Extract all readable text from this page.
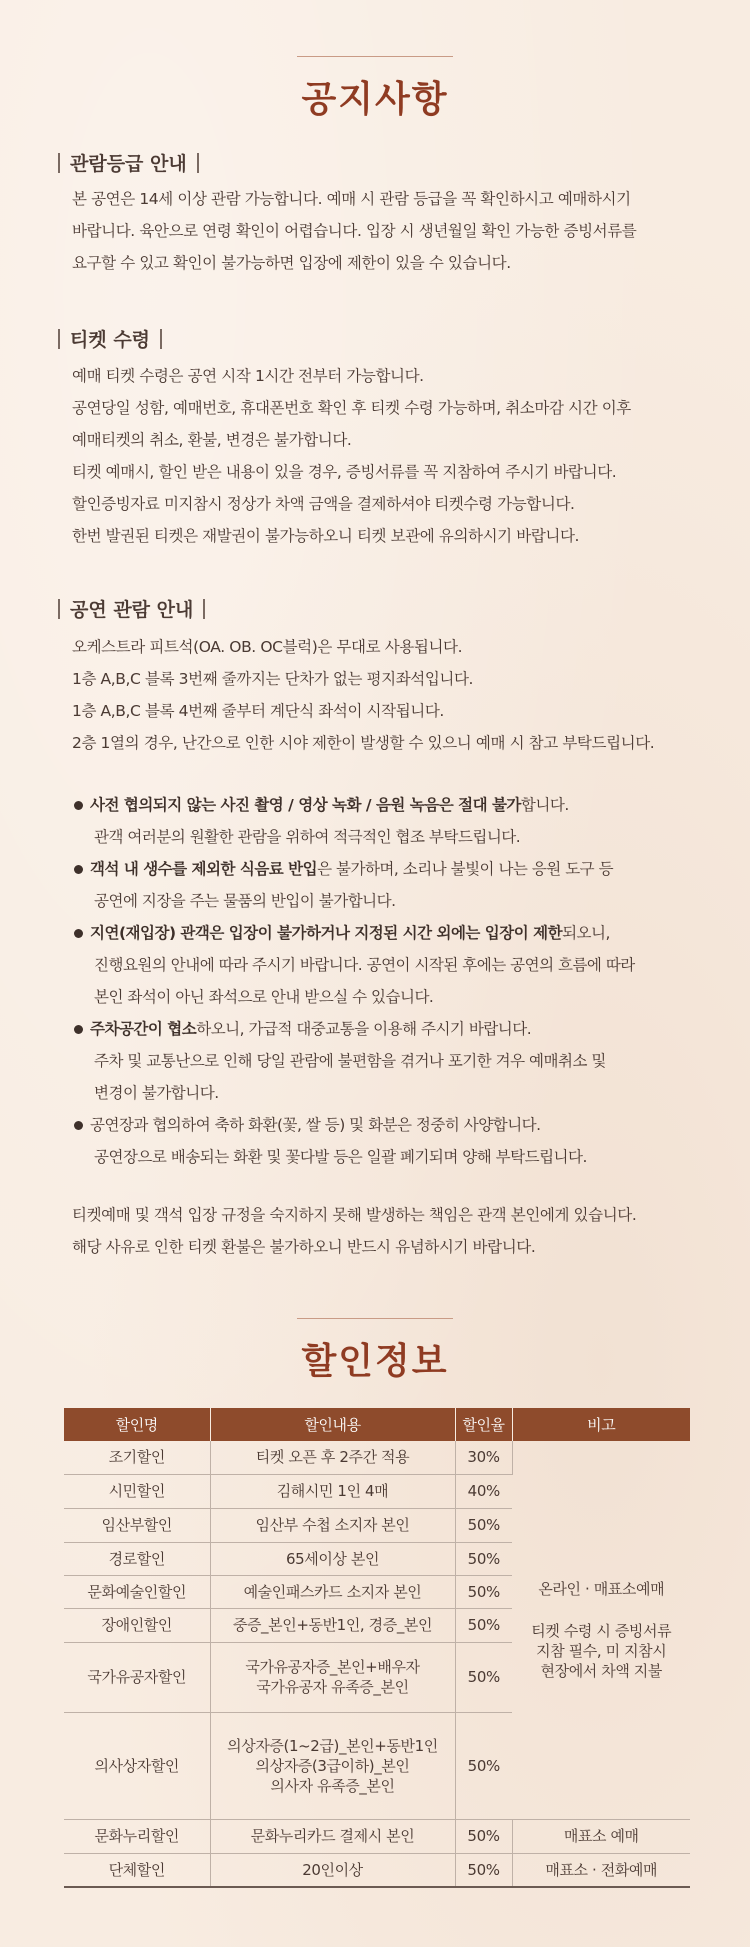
공지사항
관람등급 안내
본 공연은 14세 이상 관람 가능합니다. 예매 시 관람 등급을 꼭 확인하시고 예매하시기
바랍니다. 육안으로 연령 확인이 어렵습니다. 입장 시 생년월일 확인 가능한 증빙서류를
요구할 수 있고 확인이 불가능하면 입장에 제한이 있을 수 있습니다.
티켓 수령
예매 티켓 수령은 공연 시작 1시간 전부터 가능합니다.
공연당일 성함, 예매번호, 휴대폰번호 확인 후 티켓 수령 가능하며, 취소마감 시간 이후
예매티켓의 취소, 환불, 변경은 불가합니다.
티켓 예매시, 할인 받은 내용이 있을 경우, 증빙서류를 꼭 지참하여 주시기 바랍니다.
할인증빙자료 미지참시 정상가 차액 금액을 결제하셔야 티켓수령 가능합니다.
한번 발권된 티켓은 재발권이 불가능하오니 티켓 보관에 유의하시기 바랍니다.
공연 관람 안내
오케스트라 피트석(OA. OB. OC블럭)은 무대로 사용됩니다.
1층 A,B,C 블록 3번째 줄까지는 단차가 없는 평지좌석입니다.
1층 A,B,C 블록 4번째 줄부터 계단식 좌석이 시작됩니다.
2층 1열의 경우, 난간으로 인한 시야 제한이 발생할 수 있으니 예매 시 참고 부탁드립니다.
사전 협의되지 않는 사진 촬영 / 영상 녹화 / 음원 녹음은 절대 불가합니다.
관객 여러분의 원활한 관람을 위하여 적극적인 협조 부탁드립니다.
객석 내 생수를 제외한 식음료 반입은 불가하며, 소리나 불빛이 나는 응원 도구 등
공연에 지장을 주는 물품의 반입이 불가합니다.
지연(재입장) 관객은 입장이 불가하거나 지정된 시간 외에는 입장이 제한되오니,
진행요원의 안내에 따라 주시기 바랍니다. 공연이 시작된 후에는 공연의 흐름에 따라
본인 좌석이 아닌 좌석으로 안내 받으실 수 있습니다.
주차공간이 협소하오니, 가급적 대중교통을 이용해 주시기 바랍니다.
주차 및 교통난으로 인해 당일 관람에 불편함을 겪거나 포기한 겨우 예매취소 및
변경이 불가합니다.
공연장과 협의하여 축하 화환(꽃, 쌀 등) 및 화분은 정중히 사양합니다.
공연장으로 배송되는 화환 및 꽃다발 등은 일괄 폐기되며 양해 부탁드립니다.
티켓예매 및 객석 입장 규정을 숙지하지 못해 발생하는 책임은 관객 본인에게 있습니다.
해당 사유로 인한 티켓 환불은 불가하오니 반드시 유념하시기 바랍니다.
할인정보
할인명	할인내용	할인율	비고
조기할인	티켓 오픈 후 2주간 적용	30%	온라인 · 매표소예매
티켓 수령 시 증빙서류
지참 필수, 미 지참시
현장에서 차액 지불

시민할인	김해시민 1인 4매	40%	
임산부할인	임산부 수첩 소지자 본인	50%	
경로할인	65세이상 본인	50%	
문화예술인할인	예술인패스카드 소지자 본인	50%	
장애인할인	중증_본인+동반1인, 경증_본인	50%	
국가유공자할인	국가유공자증_본인+배우자
국가유공자 유족증_본인	50%	
의사상자할인	의상자증(1~2급)_본인+동반1인
의상자증(3급이하)_본인
의사자 유족증_본인	50%	
문화누리할인	문화누리카드 결제시 본인	50%	매표소 예매
단체할인	20인이상	50%	매표소 · 전화예매
